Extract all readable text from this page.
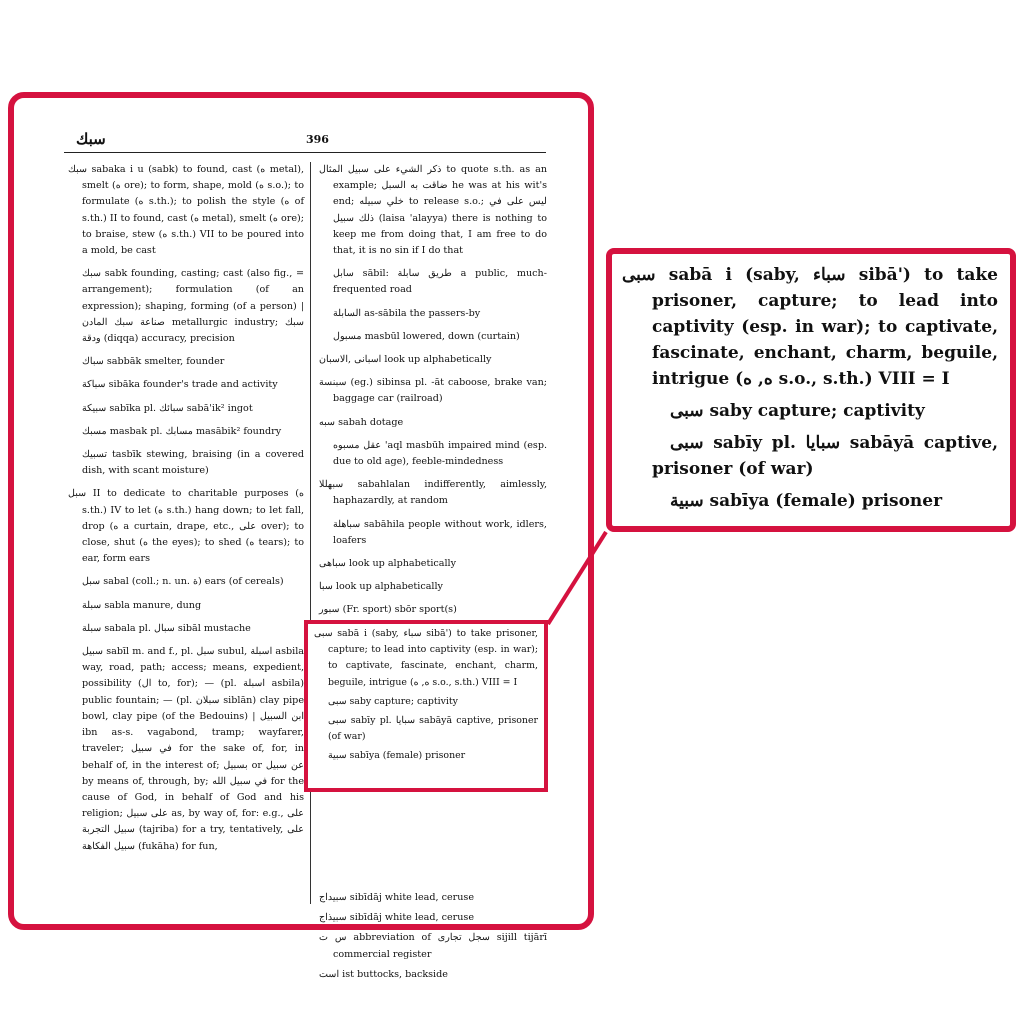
سبك	396

سبك sabaka i u (sabk) to found, cast (ه metal), smelt (ه ore); to form, shape, mold (ه s.o.); to formulate (ه s.th.); to polish the style (ه of s.th.) II to found, cast (ه metal), smelt (ه ore); to braise, stew (ه s.th.) VII to be poured into a mold, be cast

سبك sabk founding, casting; cast (also fig., = arrangement); formulation (of an expression); shaping, forming (of a person) | صناعة سبك المادن metallurgic industry; سبك ودقة (diqqa) accuracy, precision

سباك sabbāk smelter, founder

سباكة sibāka founder's trade and activity

سبيكة sabīka pl. سبائك sabā'ik² ingot

مسبك masbak pl. مسابك masābik² foundry

تسبيك tasbīk stewing, braising (in a covered dish, with scant moisture)

سبل II to dedicate to charitable purposes (ه s.th.) IV to let (ه s.th.) hang down; to let fall, drop (ه a curtain, drape, etc., على over); to close, shut (ه the eyes); to shed (ه tears); to ear, form ears

سبل sabal (coll.; n. un. ة) ears (of cereals)

سبلة sabla manure, dung

سبلة sabala pl. سبال sibāl mustache

سبيل sabīl m. and f., pl. سبل subul, اسبلة asbila way, road, path; access; means, expedient, possibility (ال to, for); — (pl. اسبلة asbila) public fountain; — (pl. سبلان siblān) clay pipe bowl, clay pipe (of the Bedouins) | ابن السبيل ibn as-s. vagabond, tramp; wayfarer, traveler; في سبيل for the sake of, for, in behalf of, in the interest of; بسبيل or عن سبيل by means of, through, by; في سبيل الله for the cause of God, in behalf of God and his religion; على سبيل as, by way of, for: e.g., على سبيل التجربة (tajriba) for a try, tentatively, على سبيل الفكاهة (fukāha) for fun,

ذكر الشيء على سبيل المثال to quote s.th. as an example; ضاقت به السبل he was at his wit's end; خلي سبيله to release s.o.; ليس على في ذلك سبيل (laisa 'alayya) there is nothing to keep me from doing that, I am free to do that, it is no sin if I do that

سابل sābil: طريق سابلة a public, much-frequented road

السابلة as-sābila the passers-by

مسبول masbūl lowered, down (curtain)

اسبانى ,الاسبان look up alphabetically

سبنسة (eg.) sibinsa pl. -āt caboose, brake van; baggage car (railroad)

سبه sabah dotage

عقل مسبوه 'aql masbūh impaired mind (esp. due to old age), feeble-mindedness

سبهللا sabahlalan indifferently, aimlessly, haphazardly, at random

سباهلة sabāhila people without work, idlers, loafers

سباهى look up alphabetically

سبا look up alphabetically

سبور (Fr. sport) sbōr sport(s)

سبيداج sibīdāj white lead, ceruse

سبيذاج sibīdāj white lead, ceruse

س ت abbreviation of سجل تجارى sijill tijārī commercial register

است ist buttocks, backside

سبى sabā i (saby, سباء sibā') to take prisoner, capture; to lead into captivity (esp. in war); to captivate, fascinate, enchant, charm, beguile, intrigue (ه, ه s.o., s.th.) VIII = I

سبى saby capture; captivity

سبى sabīy pl. سبايا sabāyā captive, prisoner (of war)

سبية sabīya (female) prisoner

سبى sabā i (saby, سباء sibā') to take prisoner, capture; to lead into captivity (esp. in war); to captivate, fascinate, enchant, charm, beguile, intrigue (ه, ه s.o., s.th.) VIII = I

سبى saby capture; captivity

سبى sabīy pl. سبايا sabāyā captive, prisoner (of war)

سبية sabīya (female) prisoner
